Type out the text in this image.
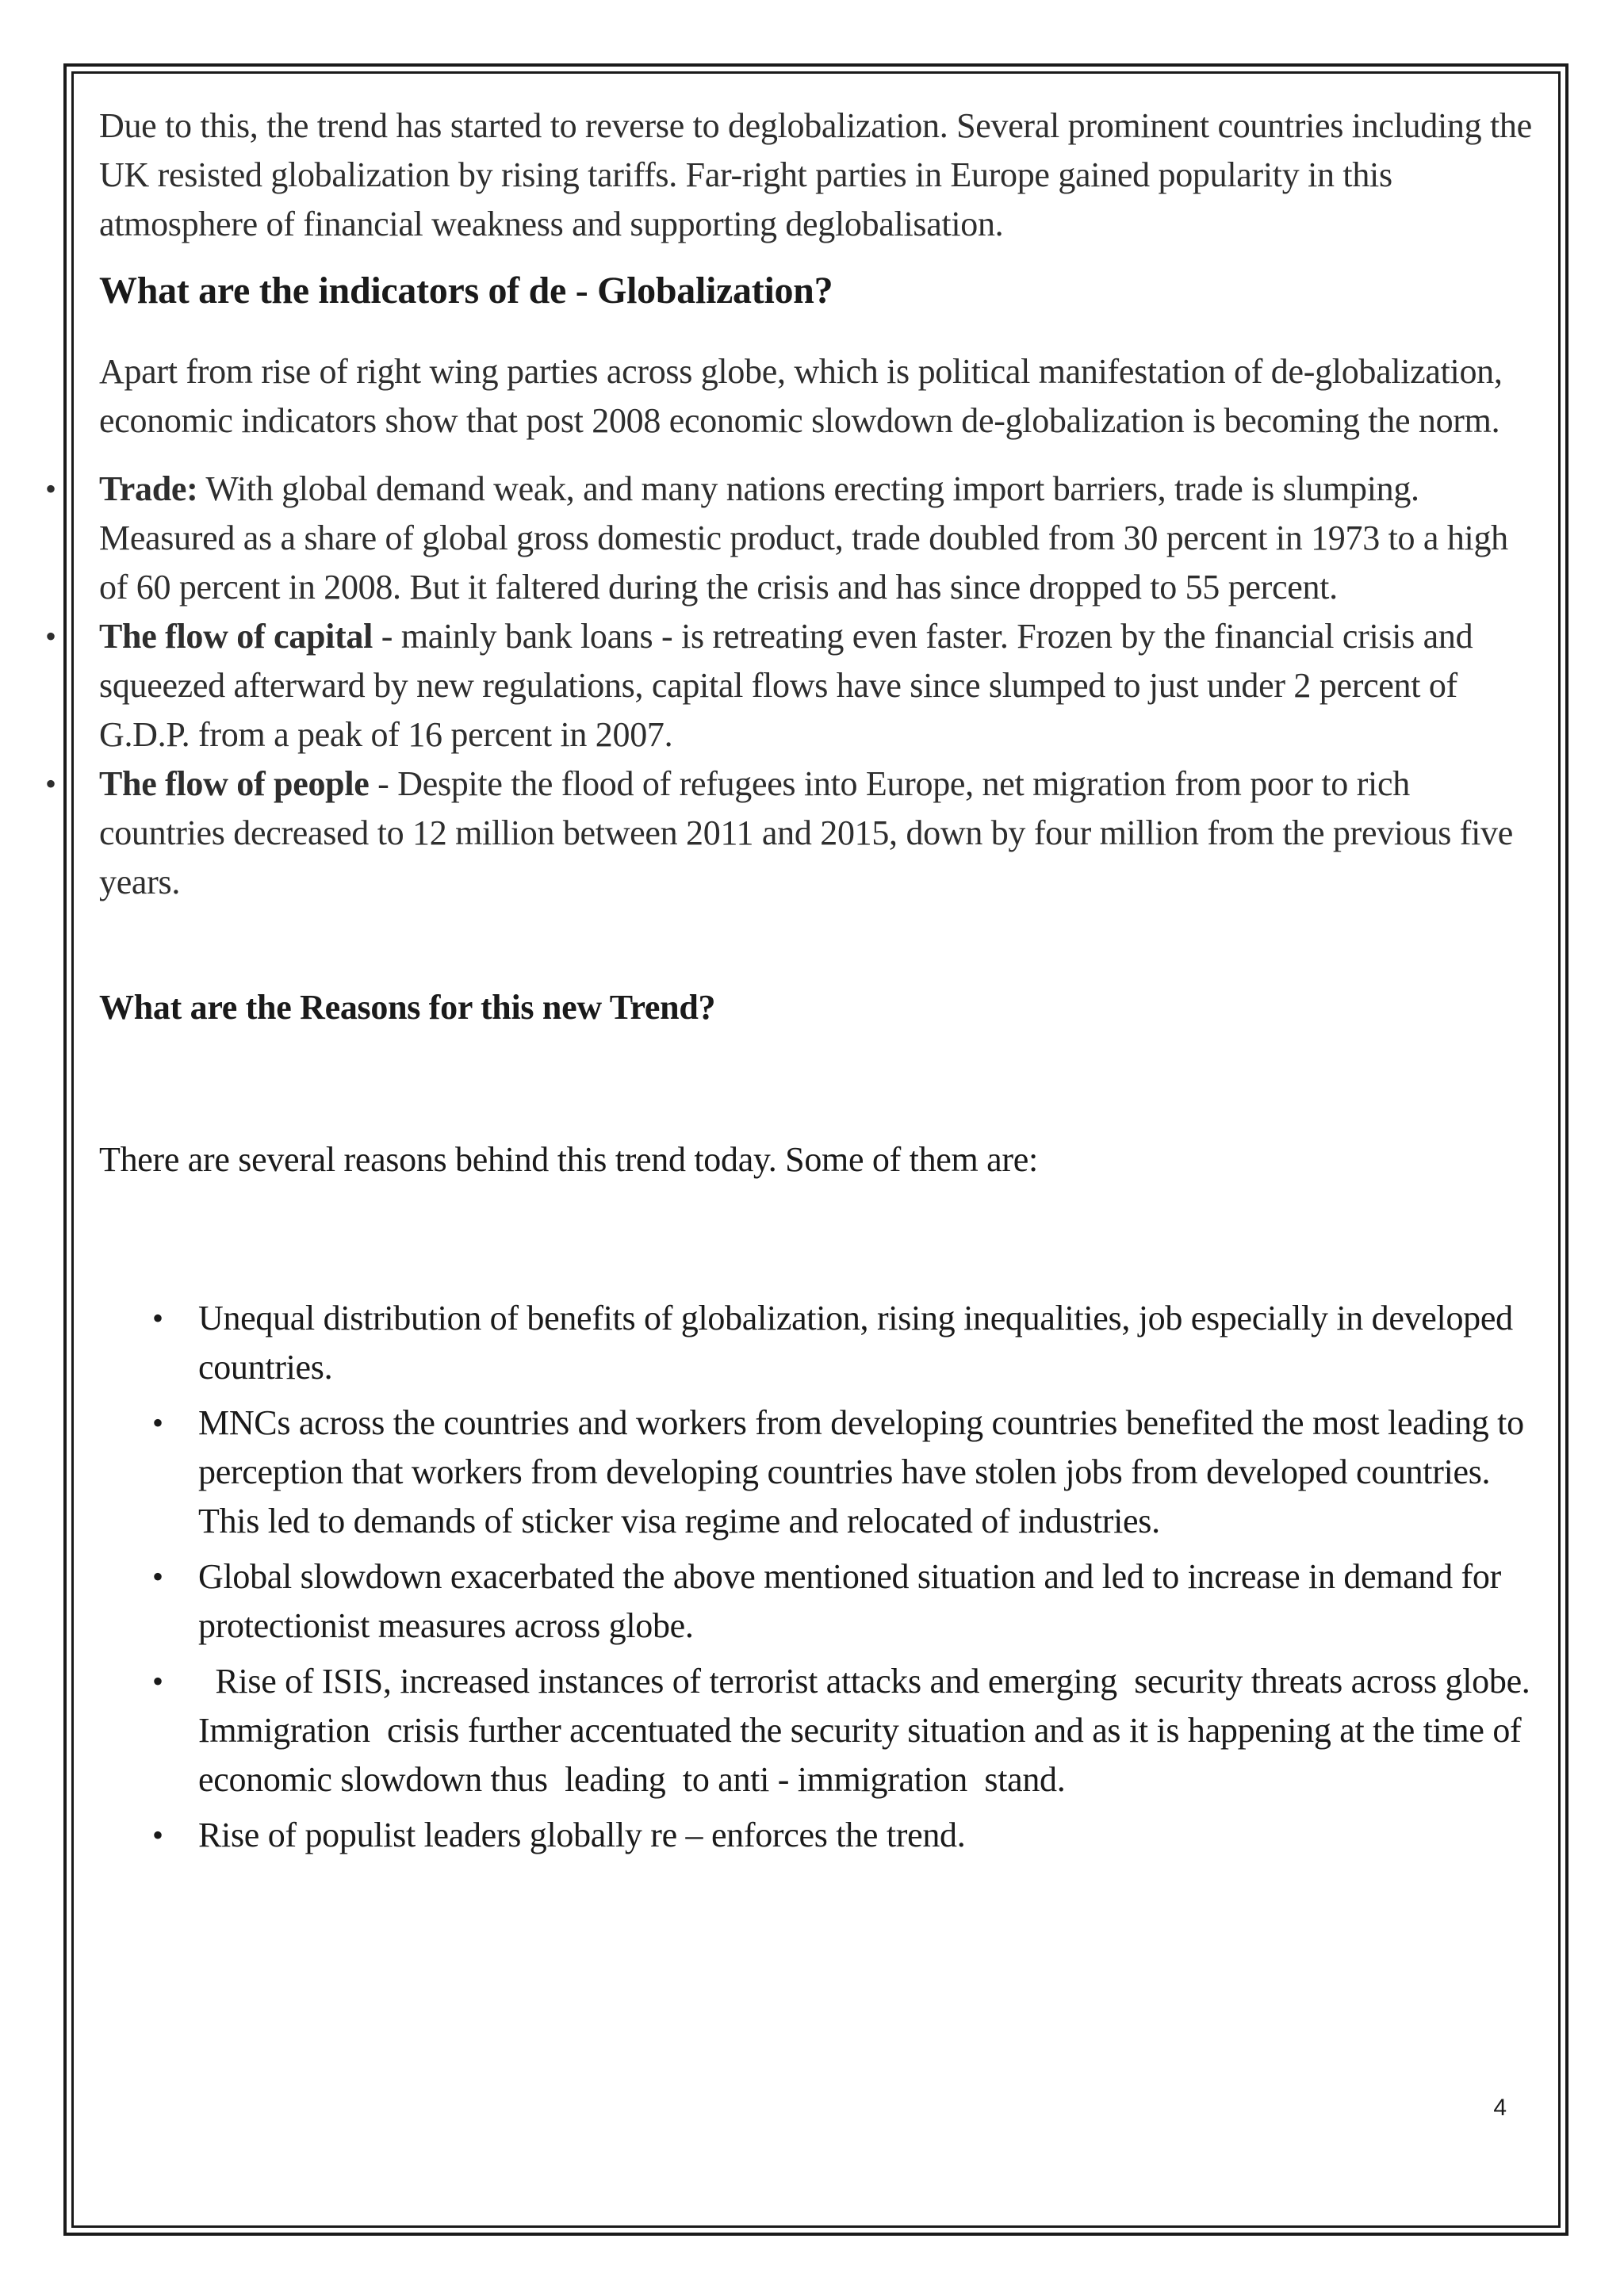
Due to this, the trend has started to reverse to deglobalization. Several prominent countries including the UK resisted globalization by rising tariffs. Far-right parties in Europe gained popularity in this atmosphere of financial weakness and supporting deglobalisation.

What are the indicators of de - Globalization?

Apart from rise of right wing parties across globe, which is political manifestation of de-globalization, economic indicators show that post 2008 economic slowdown de-globalization is becoming the norm.

• Trade: With global demand weak, and many nations erecting import barriers, trade is slumping. Measured as a share of global gross domestic product, trade doubled from 30 percent in 1973 to a high of 60 percent in 2008. But it faltered during the crisis and has since dropped to 55 percent.

• The flow of capital - mainly bank loans - is retreating even faster. Frozen by the financial crisis and squeezed afterward by new regulations, capital flows have since slumped to just under 2 percent of G.D.P. from a peak of 16 percent in 2007.

• The flow of people - Despite the flood of refugees into Europe, net migration from poor to rich countries decreased to 12 million between 2011 and 2015, down by four million from the previous five years.

What are the Reasons for this new Trend?

There are several reasons behind this trend today. Some of them are:

• Unequal distribution of benefits of globalization, rising inequalities, job especially in developed countries.
• MNCs across the countries and workers from developing countries benefited the most leading to perception that workers from developing countries have stolen jobs from developed countries. This led to demands of sticker visa regime and relocated of industries.
• Global slowdown exacerbated the above mentioned situation and led to increase in demand for protectionist measures across globe.
• Rise of ISIS, increased instances of terrorist attacks and emerging  security threats across globe. Immigration  crisis further accentuated the security situation and as it is happening at the time of economic slowdown thus  leading  to anti - immigration  stand.
• Rise of populist leaders globally re – enforces the trend.
4
